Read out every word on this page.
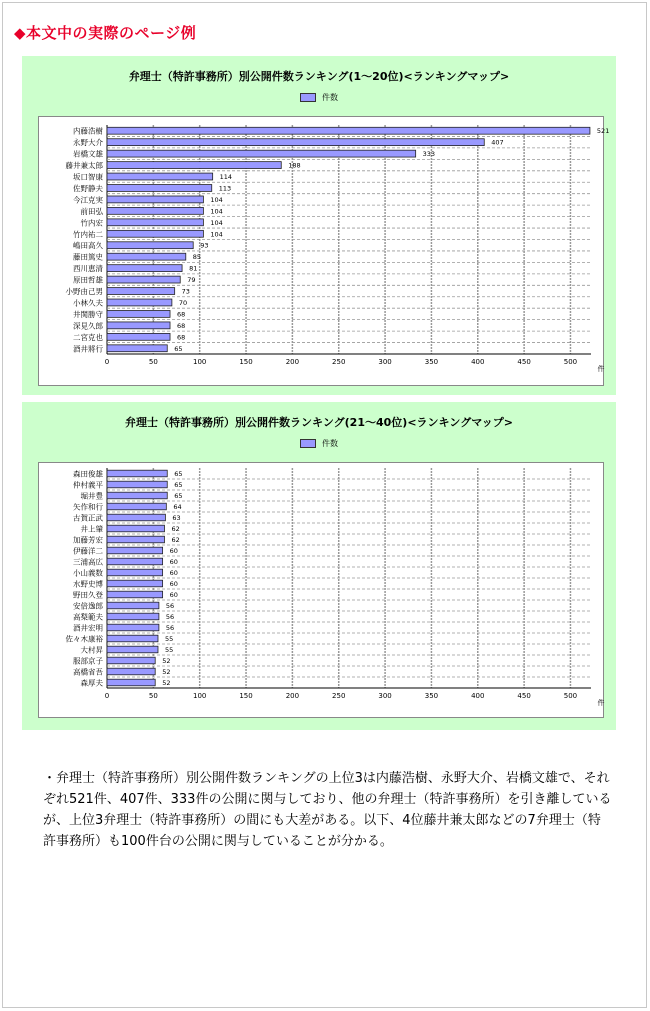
◆本文中の実際のページ例
弁理士（特許事務所）別公開件数ランキング(1〜20位)<ランキングマップ>
件数
0	50	100	150	200	250	300	350	400	450	500
件
内藤浩樹	521
永野大介	407
岩橋文雄	333
藤井兼太郎	188
坂口智康	114
佐野静夫	113
今江克実	104
前田弘	104
竹内宏	104
竹内祐二	104
嶋田高久	93
藤田篤史	85
西川恵清	81
原田哲雄	79
小野由己男	73
小林久夫	70
井関勝守	68
深見久郎	68
二宮克也	68
酒井將行	65
弁理士（特許事務所）別公開件数ランキング(21〜40位)<ランキングマップ>
件数
0	50	100	150	200	250	300	350	400	450	500
件
森田俊雄	65
仲村義平	65
堀井豊	65
矢作和行	64
古賀正武	63
井上肇	62
加藤芳宏	62
伊藤洋二	60
三浦高広	60
小山義数	60
水野史博	60
野田久登	60
安倍逸郎	56
高梨範夫	56
酒井宏明	56
佐々木康裕	55
大村昇	55
服部京子	52
高橋省吾	52
森厚夫	52
・弁理士（特許事務所）別公開件数ランキングの上位3は内藤浩樹、永野大介、岩橋文雄で、それぞれ521件、407件、333件の公開に関与しており、他の弁理士（特許事務所）を引き離しているが、上位3弁理士（特許事務所）の間にも大差がある。以下、4位藤井兼太郎などの7弁理士（特許事務所）も100件台の公開に関与していることが分かる。
